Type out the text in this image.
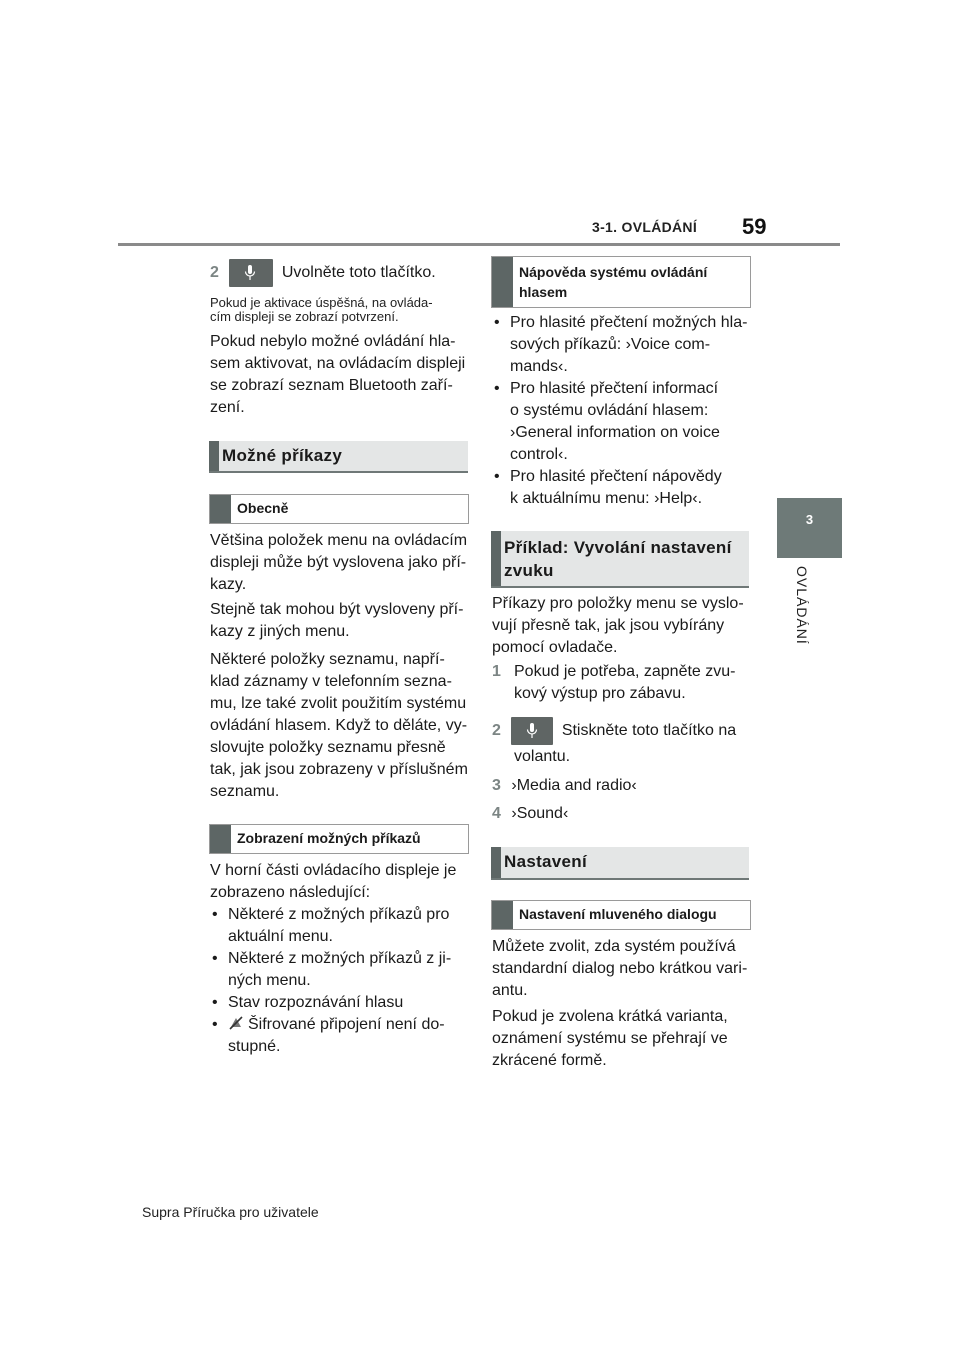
3-1. OVLÁDÁNÍ 59
3
OVLÁDÁNÍ
2	Uvolněte toto tlačítko.
Pokud je aktivace úspěšná, na ovláda-
cím displeji se zobrazí potvrzení.
Pokud nebylo možné ovládání hla-
sem aktivovat, na ovládacím displeji
se zobrazí seznam Bluetooth zaří-
zení.
Možné příkazy
Obecně
Většina položek menu na ovládacím
displeji může být vyslovena jako pří-
kazy.
Stejně tak mohou být vysloveny pří-
kazy z jiných menu.
Některé položky seznamu, napří-
klad záznamy v telefonním sezna-
mu, lze také zvolit použitím systému
ovládání hlasem. Když to děláte, vy-
slovujte položky seznamu přesně
tak, jak jsou zobrazeny v příslušném
seznamu.
Zobrazení možných příkazů
V horní části ovládacího displeje je
zobrazeno následující:
• Některé z možných příkazů pro
aktuální menu.
• Některé z možných příkazů z ji-
ných menu.
• Stav rozpoznávání hlasu
•	Šifrované připojení není do-
stupné.
Nápověda systému ovládání
hlasem
• Pro hlasité přečtení možných hla-
sových příkazů: ›Voice com-
mands‹.
• Pro hlasité přečtení informací
o systému ovládání hlasem:
›General information on voice
control‹.
• Pro hlasité přečtení nápovědy
k aktuálnímu menu: ›Help‹.
Příklad: Vyvolání nastavení
zvuku
Příkazy pro položky menu se vyslo-
vují přesně tak, jak jsou vybírány
pomocí ovladače.
1 Pokud je potřeba, zapněte zvu-
kový výstup pro zábavu.
2	Stiskněte toto tlačítko na
volantu.
3 ›Media and radio‹
4 ›Sound‹
Nastavení
Nastavení mluveného dialogu
Můžete zvolit, zda systém používá
standardní dialog nebo krátkou vari-
antu.
Pokud je zvolena krátká varianta,
oznámení systému se přehrají ve
zkrácené formě.
Supra Příručka pro uživatele
